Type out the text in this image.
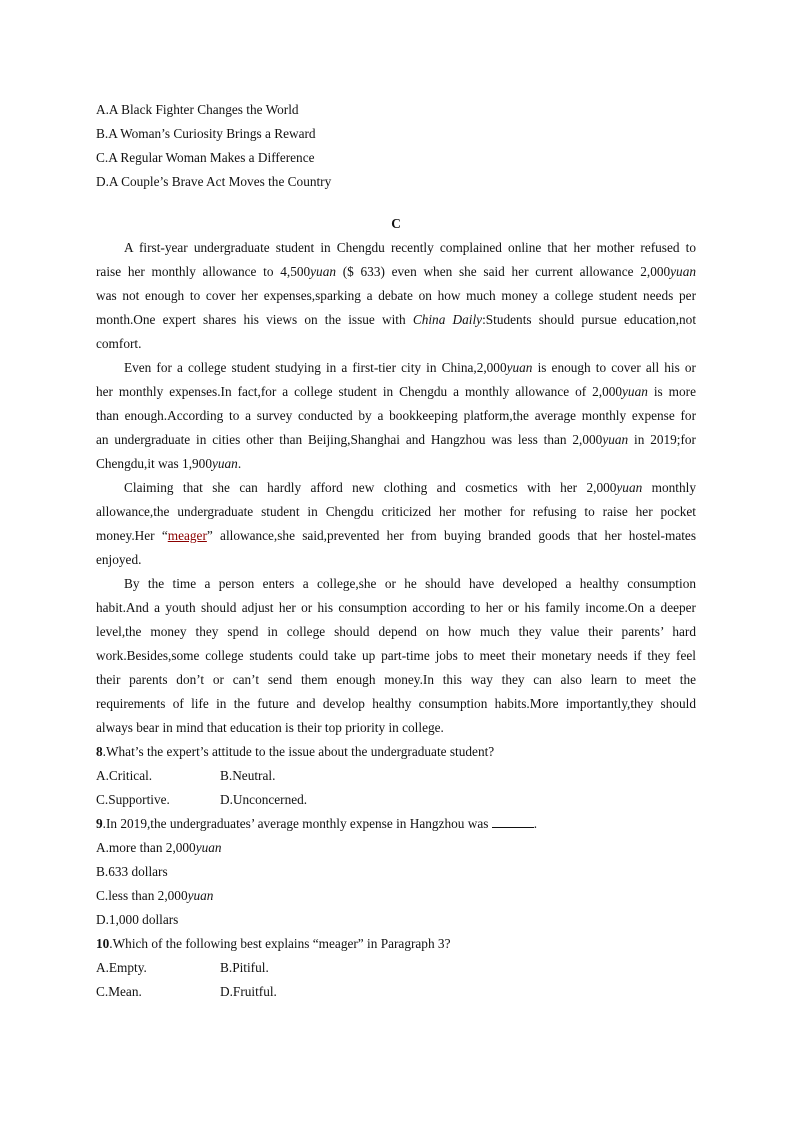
A.A Black Fighter Changes the World
B.A Woman’s Curiosity Brings a Reward
C.A Regular Woman Makes a Difference
D.A Couple’s Brave Act Moves the Country
C
A first-year undergraduate student in Chengdu recently complained online that her mother refused to
raise her monthly allowance to 4,500yuan ($ 633) even when she said her current allowance 2,000yuan
was not enough to cover her expenses,sparking a debate on how much money a college student needs per
month.One expert shares his views on the issue with China Daily:Students should pursue education,not
comfort.
Even for a college student studying in a first-tier city in China,2,000yuan is enough to cover all his or
her monthly expenses.In fact,for a college student in Chengdu a monthly allowance of 2,000yuan is more
than enough.According to a survey conducted by a bookkeeping platform,the average monthly expense for
an undergraduate in cities other than Beijing,Shanghai and Hangzhou was less than 2,000yuan in 2019;for
Chengdu,it was 1,900yuan.
Claiming that she can hardly afford new clothing and cosmetics with her 2,000yuan monthly
allowance,the undergraduate student in Chengdu criticized her mother for refusing to raise her pocket
money.Her “meager” allowance,she said,prevented her from buying branded goods that her hostel-mates
enjoyed.
By the time a person enters a college,she or he should have developed a healthy consumption
habit.And a youth should adjust her or his consumption according to her or his family income.On a deeper
level,the money they spend in college should depend on how much they value their parents’ hard
work.Besides,some college students could take up part-time jobs to meet their monetary needs if they feel
their parents don’t or can’t send them enough money.In this way they can also learn to meet the
requirements of life in the future and develop healthy consumption habits.More importantly,they should
always bear in mind that education is their top priority in college.
8.What’s the expert’s attitude to the issue about the undergraduate student?
A.Critical.	B.Neutral.
C.Supportive.	D.Unconcerned.
9.In 2019,the undergraduates’ average monthly expense in Hangzhou was	.
A.more than 2,000yuan
B.633 dollars
C.less than 2,000yuan
D.1,000 dollars
10.Which of the following best explains “meager” in Paragraph 3?
A.Empty.	B.Pitiful.
C.Mean.	D.Fruitful.
